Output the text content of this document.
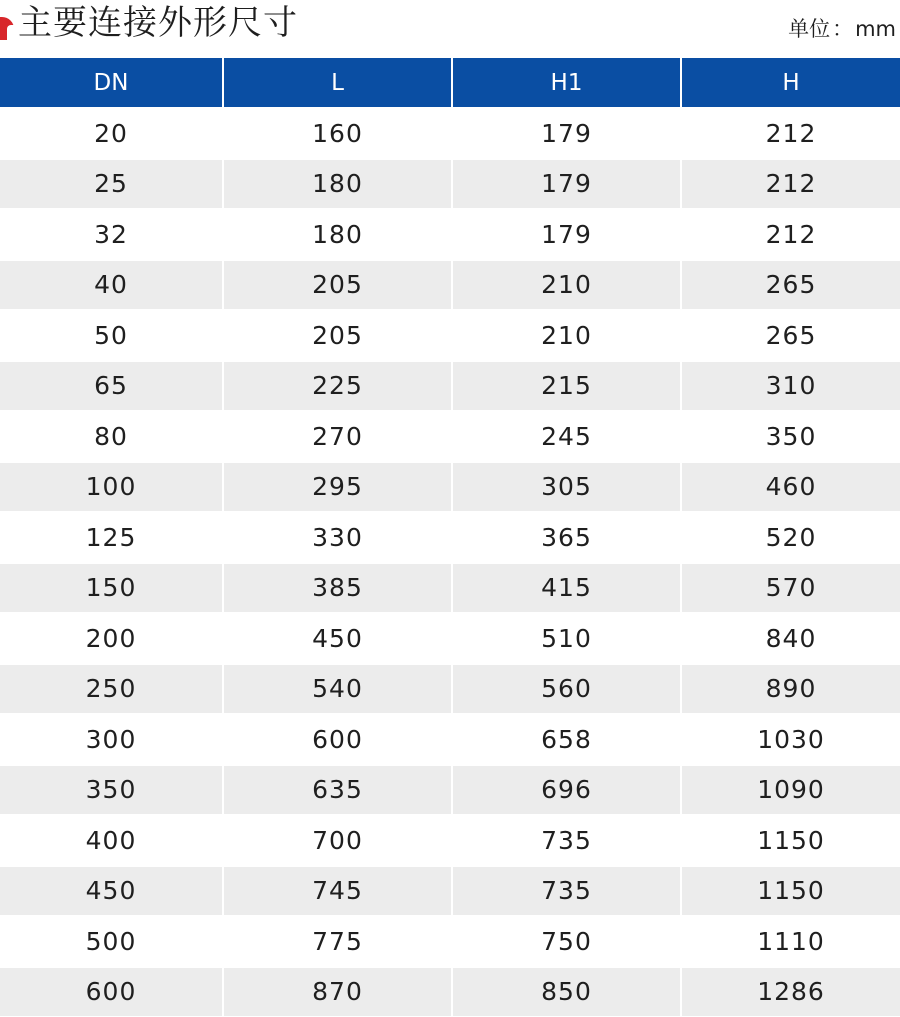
主要连接外形尺寸	单位：mm
DN	L	H1	H
20	160	179	212
25	180	179	212
32	180	179	212
40	205	210	265
50	205	210	265
65	225	215	310
80	270	245	350
100	295	305	460
125	330	365	520
150	385	415	570
200	450	510	840
250	540	560	890
300	600	658	1030
350	635	696	1090
400	700	735	1150
450	745	735	1150
500	775	750	1110
600	870	850	1286
